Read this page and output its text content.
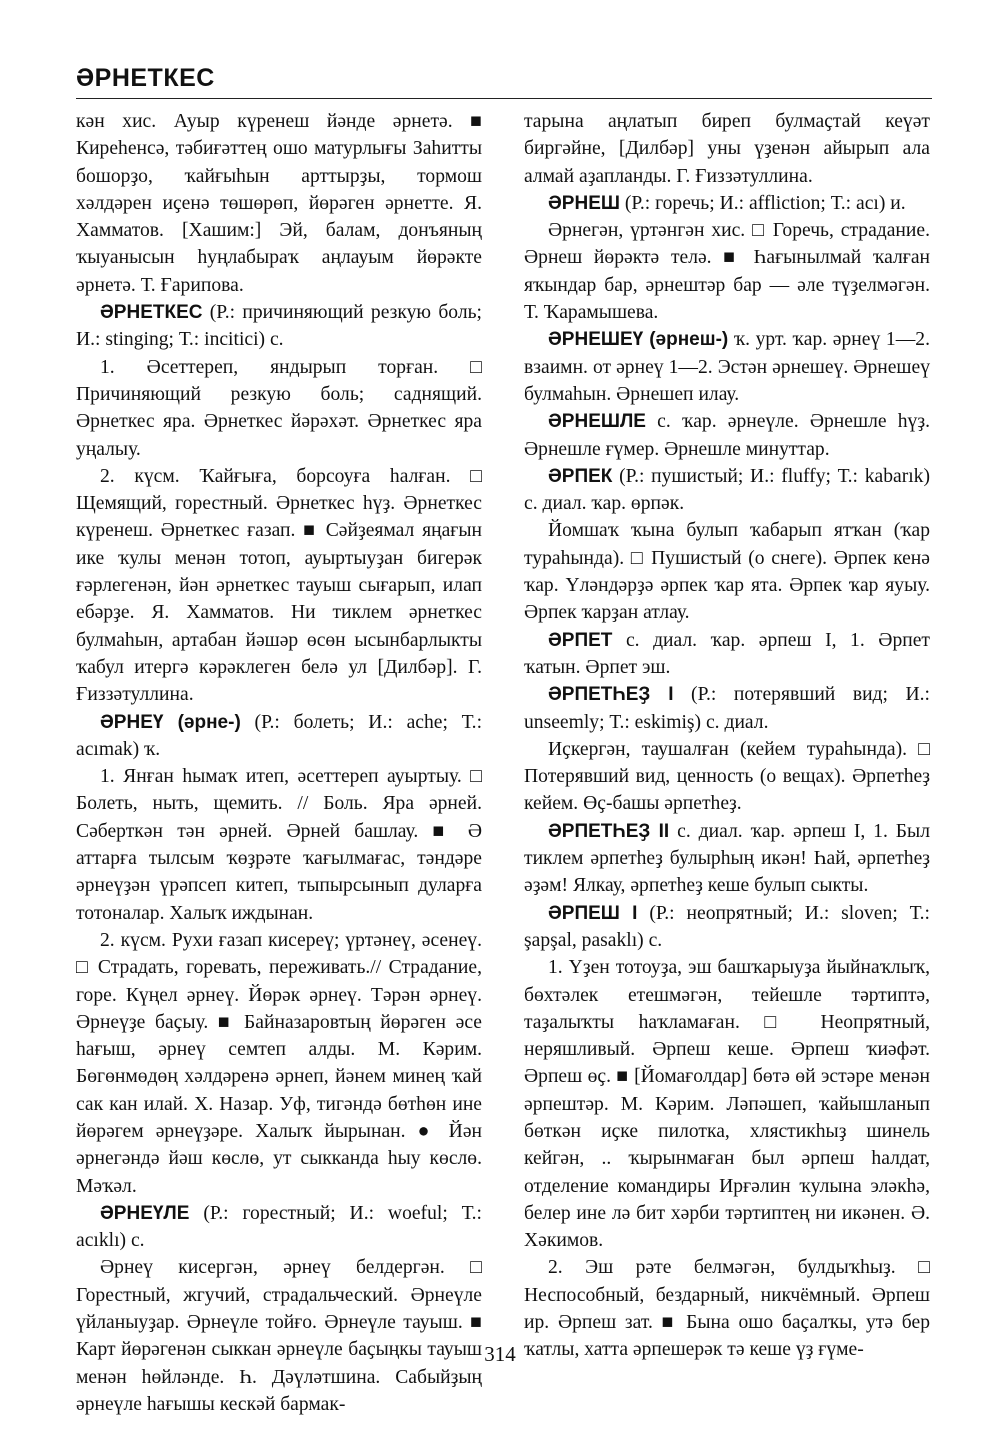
ӘРНЕТКЕС

кән хис. Ауыр күренеш йәнде әрнетә. ■ Киреһенсә, тәбиғәттең ошо матурлығы Заһитты бошорҙо, ҡайғыһын арттырҙы, тормош хәлдәрен иҫенә төшөрөп, йөрәген әрнетте. Я. Хамматов. [Хашим:] Эй, балам, донъяның ҡыуанысын һуңлабыраҡ аңлауым йөрәкте әрнетә. Т. Ғарипова.

ӘРНЕТКЕС (Р.: причиняющий резкую боль; И.: stinging; Т.: incitici) с.

1. Әсеттереп, яндырып торған. □ Причиняющий резкую боль; саднящий. Әрнеткес яра. Әрнеткес йәрәхәт. Әрнеткес яра уңалыу.

2. күсм. Ҡайғыға, борсоуға һалған. □ Щемящий, горестный. Әрнеткес һүҙ. Әрнеткес күренеш. Әрнеткес ғазап. ■ Сәйҙеямал яңағын ике ҡулы менән тотоп, ауыртыуҙан бигерәк ғәрлегенән, йән әрнеткес тауыш сығарып, илап ебәрҙе. Я. Хамматов. Ни тиклем әрнеткес булмаһын, артабан йәшәр өсөн ысынбарлыкты ҡабул итергә кәрәклеген белә ул [Дилбәр]. Г. Ғиззәтуллина.

ӘРНЕҮ (әрне-) (Р.: болеть; И.: ache; Т.: acımak) ҡ.

1. Янған һымаҡ итеп, әсеттереп ауыртыу. □ Болеть, ныть, щемить. // Боль. Яра әрней. Сәберткән тән әрней. Әрней башлау. ■ Ә аттарға тылсым ҡөҙрәте ҡағылмағас, тәндәре әрнеүҙән үрәпсеп китеп, тыпырсынып дуларға тотоналар. Халыҡ иждынан.

2. күсм. Рухи ғазап кисереү; үртәнеү, әсенеү. □ Страдать, горевать, переживать.// Страдание, горе. Күңел әрнеү. Йөрәк әрнеү. Тәрән әрнеү. Әрнеүҙе баҫыу. ■ Байназаровтың йөрәген әсе һағыш, әрнеү семтеп алды. М. Кәрим. Бөгөнмөдөң хәлдәренә әрнеп, йәнем минең ҡай сак кан илай. Х. Назар. Уф, тигәндә бөтһөн ине йөрәгем әрнеүҙәре. Халыҡ йырынан. ● Йән әрнегәндә йәш көслө, ут сыкканда һыу көслө. Мәҡәл.

ӘРНЕҮЛЕ (Р.: горестный; И.: woeful; Т.: acıklı) с.

Әрнеү кисергән, әрнеү белдергән. □ Горестный, жгучий, страдальческий. Әрнеүле үйланыуҙар. Әрнеүле тойғо. Әрнеүле тауыш. ■ Карт йөрәгенән сыккан әрнеүле баҫыңкы тауыш менән һөйләнде. Һ. Дәүләтшина. Сабыйҙың әрнеүле һағышы кескәй бармак-

тарына аңлатып биреп булмаҫтай кеүәт биргәйне, [Дилбәр] уны үҙенән айырып ала алмай аҙапланды. Г. Ғиззәтуллина.

ӘРНЕШ (Р.: горечь; И.: affliction; Т.: acı) и.

Әрнегән, үртәнгән хис. □ Горечь, страдание. Әрнеш йөрәктә телә. ■ Һағынылмай ҡалған яҡындар бар, әрнештәр бар — әле түҙелмәгән. Т. Ҡарамышева.

ӘРНЕШЕҮ (әрнеш-) ҡ. урт. ҡар. әрнеү 1—2. взаимн. от әрнеү 1—2. Эстән әрнешеү. Әрнешеү булмаһын. Әрнешеп илау.

ӘРНЕШЛЕ с. ҡар. әрнеүле. Әрнешле һүҙ. Әрнешле ғүмер. Әрнешле минуттар.

ӘРПЕК (Р.: пушистый; И.: fluffy; Т.: kabarık) с. диал. ҡар. өрпәк.

Йомшаҡ ҡына булып ҡабарып ятҡан (ҡар тураһында). □ Пушистый (о снеге). Әрпек кенә ҡар. Үләндәрҙә әрпек ҡар ята. Әрпек ҡар яуыу. Әрпек ҡарҙан атлау.

ӘРПЕТ с. диал. ҡар. әрпеш I, 1. Әрпет ҡатын. Әрпет эш.

ӘРПЕТҺЕҘ I (Р.: потерявший вид; И.: unseemly; Т.: eskimiş) с. диал.

Иҫкергән, таушалған (кейем тураһында). □ Потерявший вид, ценность (о вещах). Әрпетһеҙ кейем. Өҫ-башы әрпетһеҙ.

ӘРПЕТҺЕҘ II с. диал. ҡар. әрпеш I, 1. Был тиклем әрпетһеҙ булырһың икән! Һай, әрпетһеҙ әҙәм! Ялкау, әрпетһеҙ кеше булып сыкты.

ӘРПЕШ I (Р.: неопрятный; И.: sloven; Т.: şapşal, pasaklı) с.

1. Үҙен тотоуҙа, эш башҡарыуҙа йыйнаҡлыҡ, бөхтәлек етешмәгән, тейешле тәртиптә, таҙалыҡты һаҡламаған. □ Неопрятный, неряшливый. Әрпеш кеше. Әрпеш ҡиәфәт. Әрпеш өҫ. ■ [Йомағолдар] бөтә өй эстәре менән әрпештәр. М. Кәрим. Ләпәшеп, ҡайышланып бөткән иҫке пилотка, хлястикһыҙ шинель кейгән, .. ҡырынмаған был әрпеш һалдат, отделение командиры Ирғәлин ҡулына эләкһә, белер ине лә бит хәрби тәртиптең ни икәнен. Ә. Хәкимов.

2. Эш рәте белмәгән, булдыҡһыҙ. □ Неспособный, бездарный, никчёмный. Әрпеш ир. Әрпеш зат. ■ Бына ошо баҫалҡы, утә бер ҡатлы, хатта әрпешерәк тә кеше үҙ ғүме-

314
